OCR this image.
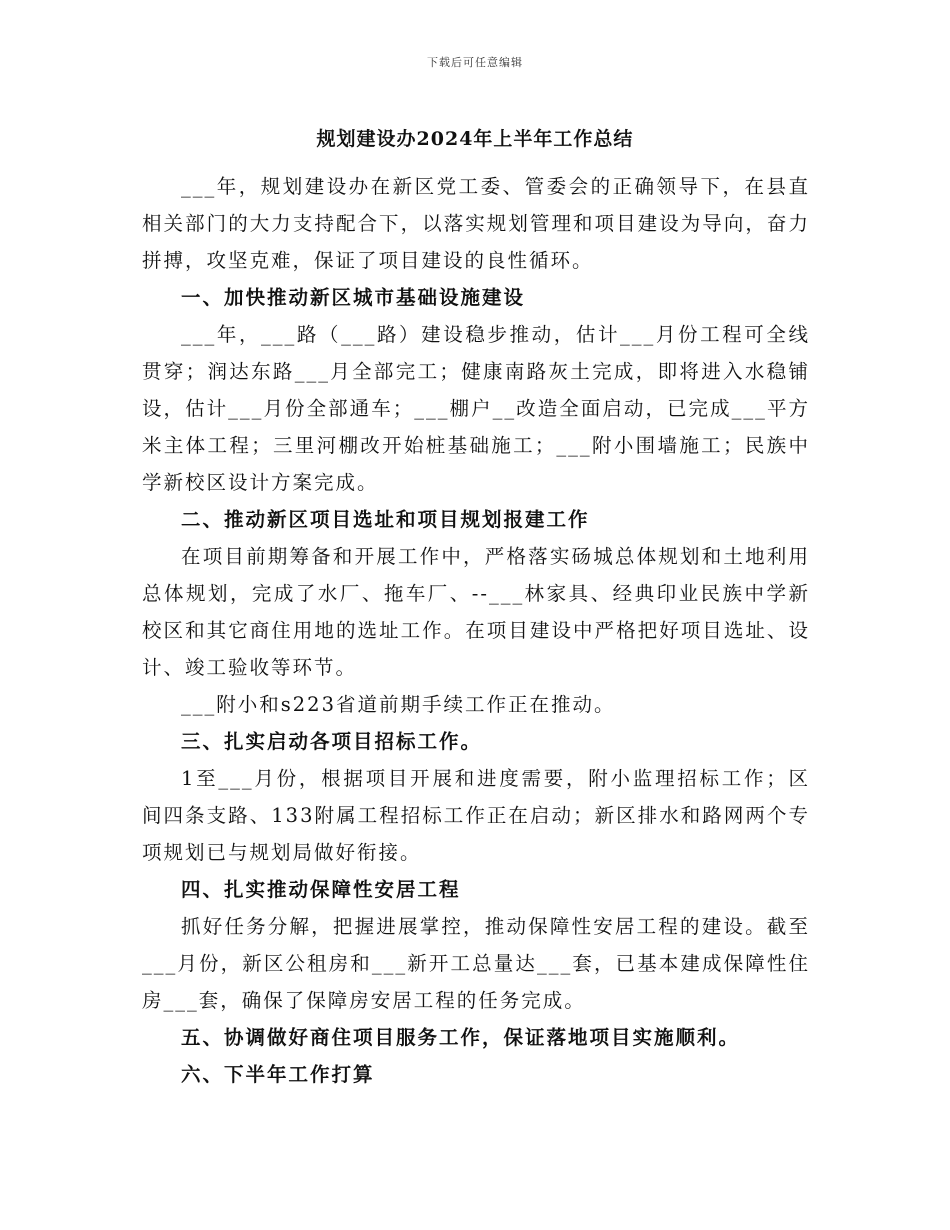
下载后可任意编辑
规划建设办2024年上半年工作总结

___年，规划建设办在新区党工委、管委会的正确领导下，在县直相关部门的大力支持配合下，以落实规划管理和项目建设为导向，奋力拼搏，攻坚克难，保证了项目建设的良性循环。

一、加快推动新区城市基础设施建设

___年，___路（___路）建设稳步推动，估计___月份工程可全线贯穿；润达东路___月全部完工；健康南路灰土完成，即将进入水稳铺设，估计___月份全部通车；___棚户__改造全面启动，已完成___平方米主体工程；三里河棚改开始桩基础施工；___附小围墙施工；民族中学新校区设计方案完成。

二、推动新区项目选址和项目规划报建工作

在项目前期筹备和开展工作中，严格落实砀城总体规划和土地利用总体规划，完成了水厂、拖车厂、--___林家具、经典印业民族中学新校区和其它商住用地的选址工作。在项目建设中严格把好项目选址、设计、竣工验收等环节。

___附小和s223省道前期手续工作正在推动。

三、扎实启动各项目招标工作。

1至___月份，根据项目开展和进度需要，附小监理招标工作；区间四条支路、133附属工程招标工作正在启动；新区排水和路网两个专项规划已与规划局做好衔接。

四、扎实推动保障性安居工程

抓好任务分解，把握进展掌控，推动保障性安居工程的建设。截至___月份，新区公租房和___新开工总量达___套，已基本建成保障性住房___套，确保了保障房安居工程的任务完成。

五、协调做好商住项目服务工作，保证落地项目实施顺利。

六、下半年工作打算
